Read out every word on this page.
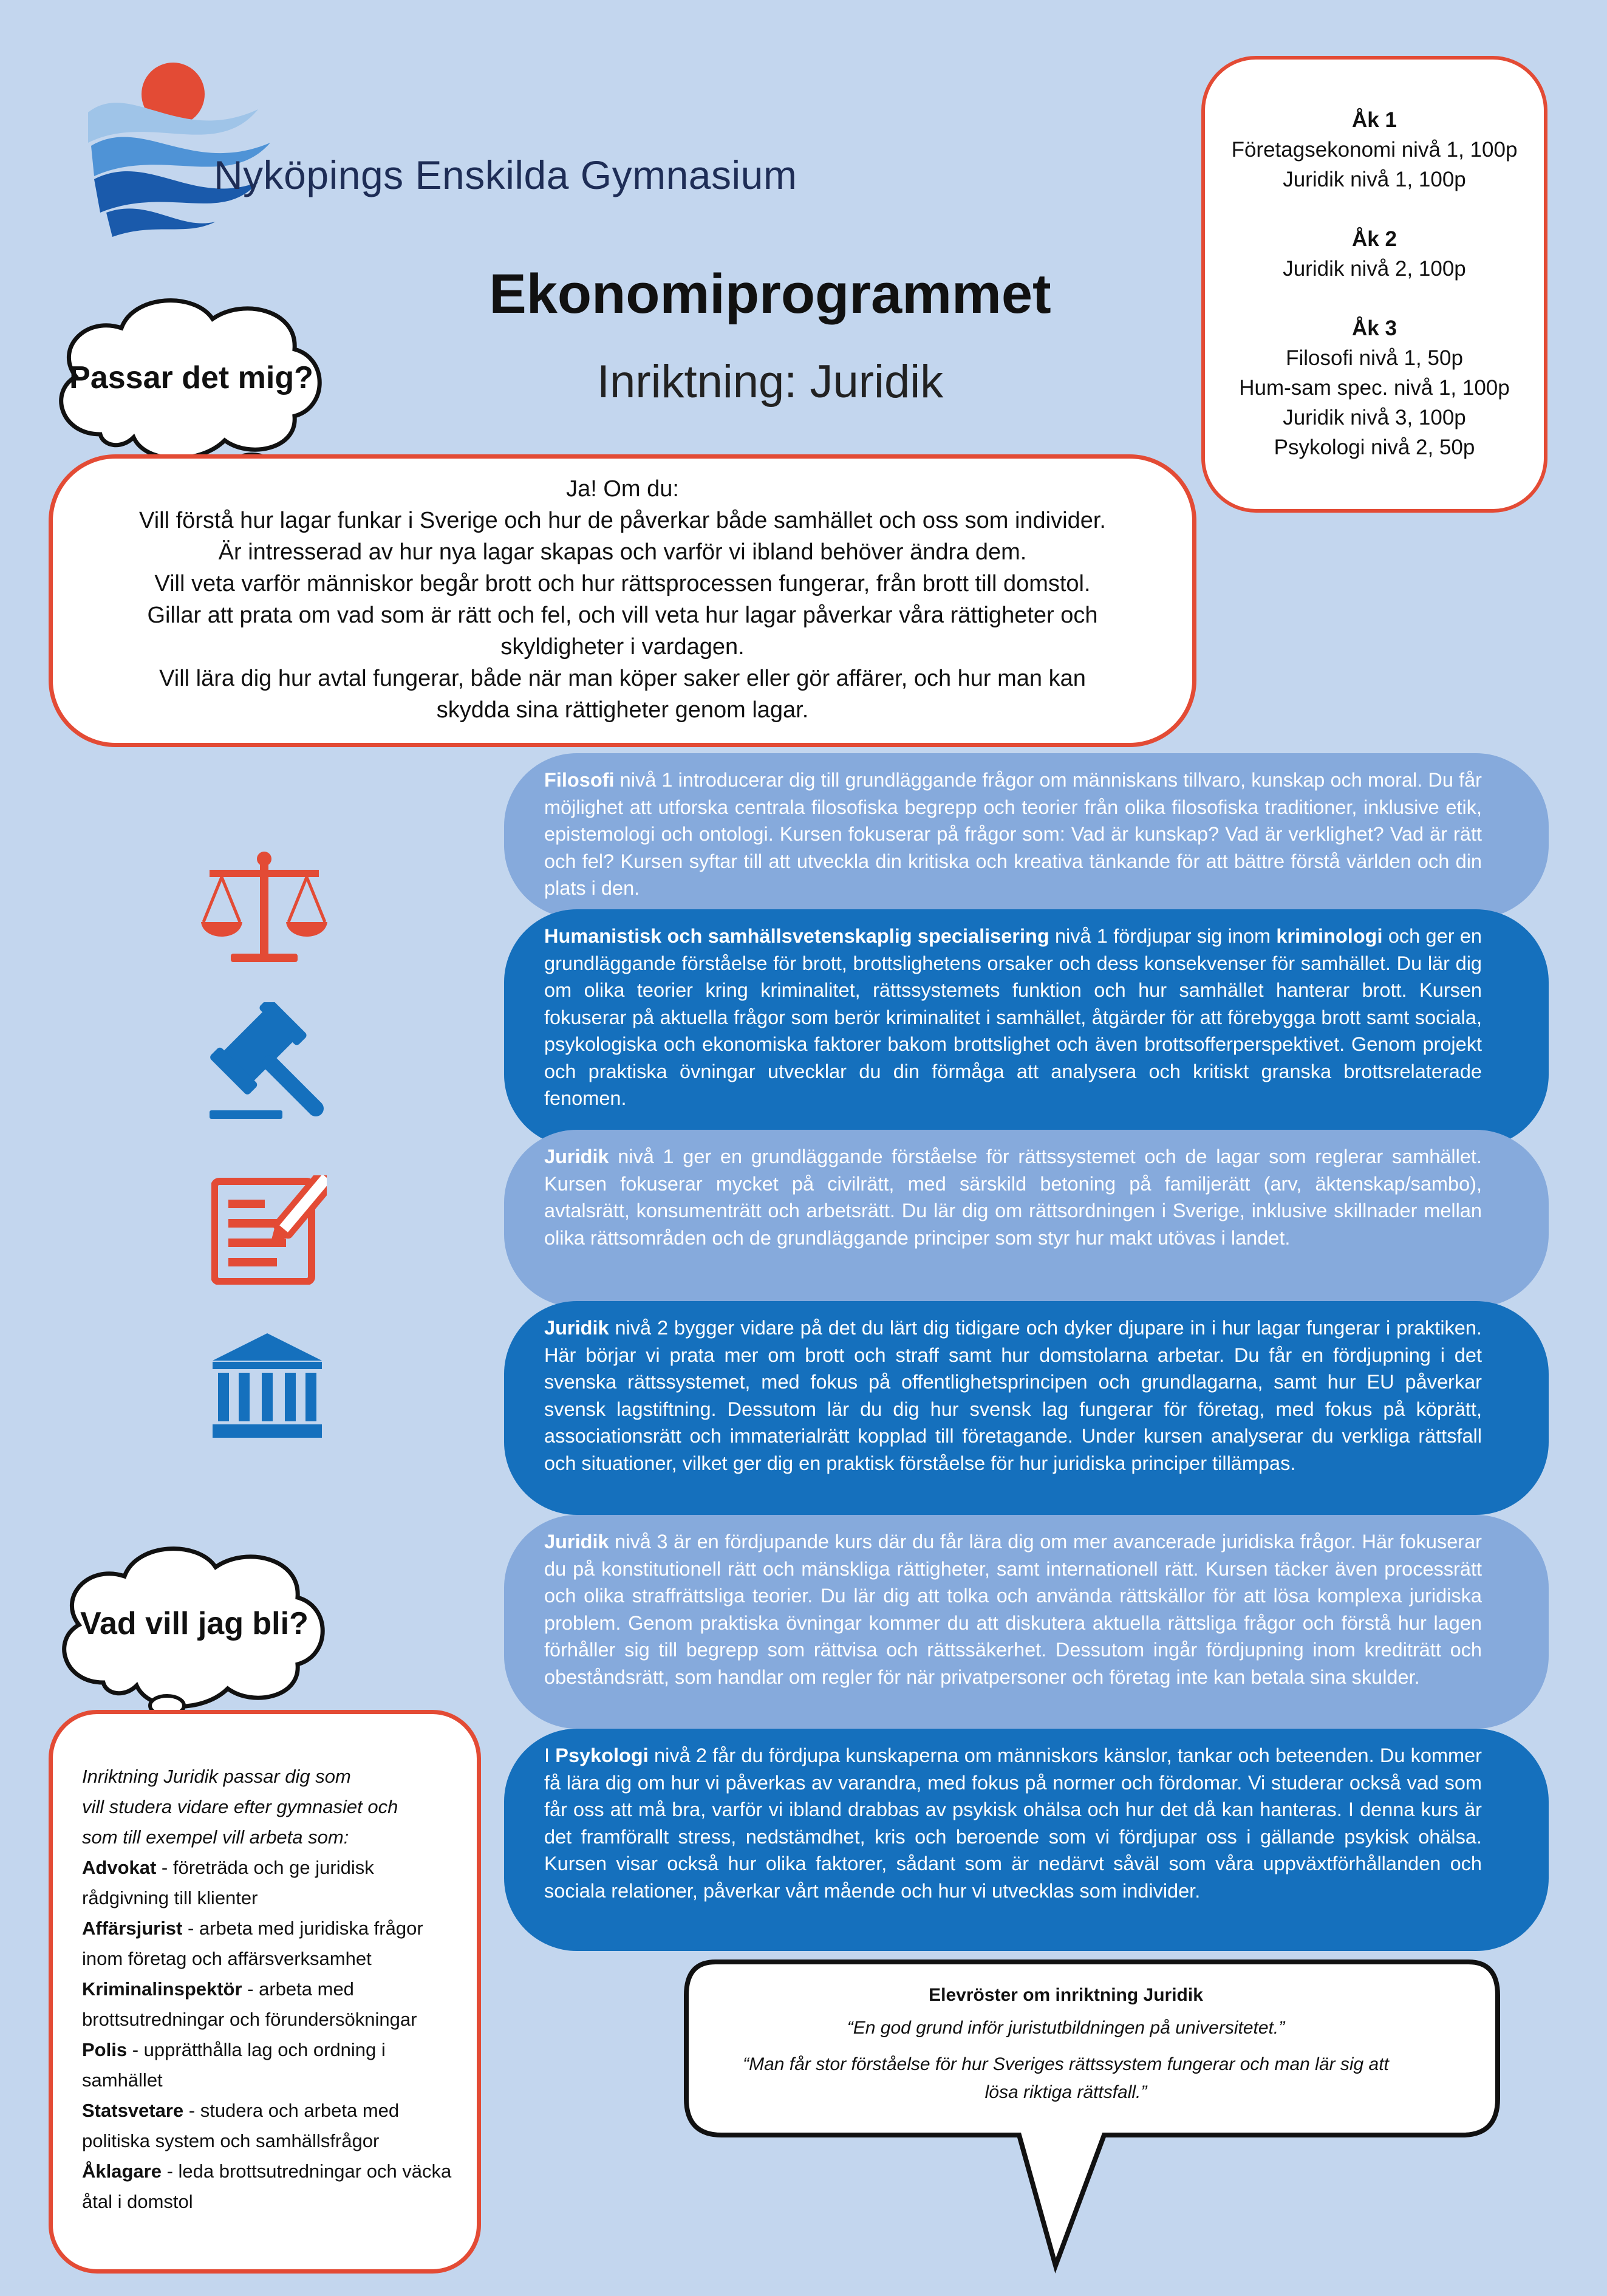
Nyköpings Enskilda Gymnasium
Ekonomiprogrammet
Inriktning: Juridik
Åk 1
Företagsekonomi nivå 1, 100p
Juridik nivå 1, 100p
Åk 2
Juridik nivå 2, 100p
Åk 3
Filosofi nivå 1, 50p
Hum-sam spec. nivå 1, 100p
Juridik nivå 3, 100p
Psykologi nivå 2, 50p
Passar det mig?
Ja! Om du:
Vill förstå hur lagar funkar i Sverige och hur de påverkar både samhället och oss som individer.
Är intresserad av hur nya lagar skapas och varför vi ibland behöver ändra dem.
Vill veta varför människor begår brott och hur rättsprocessen fungerar, från brott till domstol.
Gillar att prata om vad som är rätt och fel, och vill veta hur lagar påverkar våra rättigheter och skyldigheter i vardagen.
Vill lära dig hur avtal fungerar, både när man köper saker eller gör affärer, och hur man kan skydda sina rättigheter genom lagar.
Filosofi nivå 1 introducerar dig till grundläggande frågor om människans tillvaro, kunskap och moral. Du får möjlighet att utforska centrala filosofiska begrepp och teorier från olika filosofiska traditioner, inklusive etik, epistemologi och ontologi. Kursen fokuserar på frågor som: Vad är kunskap? Vad är verklighet? Vad är rätt och fel? Kursen syftar till att utveckla din kritiska och kreativa tänkande för att bättre förstå världen och din plats i den.
Humanistisk och samhällsvetenskaplig specialisering nivå 1 fördjupar sig inom kriminologi och ger en grundläggande förståelse för brott, brottslighetens orsaker och dess konsekvenser för samhället. Du lär dig om olika teorier kring kriminalitet, rättssystemets funktion och hur samhället hanterar brott. Kursen fokuserar på aktuella frågor som berör kriminalitet i samhället, åtgärder för att förebygga brott samt sociala, psykologiska och ekonomiska faktorer bakom brottslighet och även brottsofferperspektivet. Genom projekt och praktiska övningar utvecklar du din förmåga att analysera och kritiskt granska brottsrelaterade fenomen.
Juridik nivå 1 ger en grundläggande förståelse för rättssystemet och de lagar som reglerar samhället. Kursen fokuserar mycket på civilrätt, med särskild betoning på familjerätt (arv, äktenskap/sambo), avtalsrätt, konsumenträtt och arbetsrätt. Du lär dig om rättsordningen i Sverige, inklusive skillnader mellan olika rättsområden och de grundläggande principer som styr hur makt utövas i landet.
Juridik nivå 2 bygger vidare på det du lärt dig tidigare och dyker djupare in i hur lagar fungerar i praktiken. Här börjar vi prata mer om brott och straff samt hur domstolarna arbetar. Du får en fördjupning i det svenska rättssystemet, med fokus på offentlighetsprincipen och grundlagarna, samt hur EU påverkar svensk lagstiftning. Dessutom lär du dig hur svensk lag fungerar för företag, med fokus på köprätt, associationsrätt och immaterialrätt kopplad till företagande. Under kursen analyserar du verkliga rättsfall och situationer, vilket ger dig en praktisk förståelse för hur juridiska principer tillämpas.
Juridik nivå 3 är en fördjupande kurs där du får lära dig om mer avancerade juridiska frågor. Här fokuserar du på konstitutionell rätt och mänskliga rättigheter, samt internationell rätt. Kursen täcker även processrätt och olika straffrättsliga teorier. Du lär dig att tolka och använda rättskällor för att lösa komplexa juridiska problem. Genom praktiska övningar kommer du att diskutera aktuella rättsliga frågor och förstå hur lagen förhåller sig till begrepp som rättvisa och rättssäkerhet. Dessutom ingår fördjupning inom krediträtt och obeståndsrätt, som handlar om regler för när privatpersoner och företag inte kan betala sina skulder.
I Psykologi nivå 2 får du fördjupa kunskaperna om människors känslor, tankar och beteenden. Du kommer få lära dig om hur vi påverkas av varandra, med fokus på normer och fördomar. Vi studerar också vad som får oss att må bra, varför vi ibland drabbas av psykisk ohälsa och hur det då kan hanteras. I denna kurs är det framförallt stress, nedstämdhet, kris och beroende som vi fördjupar oss i gällande psykisk ohälsa. Kursen visar också hur olika faktorer, sådant som är nedärvt såväl som våra uppväxtförhållanden och sociala relationer, påverkar vårt mående och hur vi utvecklas som individer.
Vad vill jag bli?
Inriktning Juridik passar dig som
vill studera vidare efter gymnasiet och
som till exempel vill arbeta som:
Advokat - företräda och ge juridisk rådgivning till klienter
Affärsjurist - arbeta med juridiska frågor inom företag och affärsverksamhet
Kriminalinspektör - arbeta med brottsutredningar och förundersökningar
Polis - upprätthålla lag och ordning i samhället
Statsvetare - studera och arbeta med politiska system och samhällsfrågor
Åklagare - leda brottsutredningar och väcka åtal i domstol
Elevröster om inriktning Juridik
“En god grund inför juristutbildningen på universitetet.”
“Man får stor förståelse för hur Sveriges rättssystem fungerar och man lär sig att lösa riktiga rättsfall.”
